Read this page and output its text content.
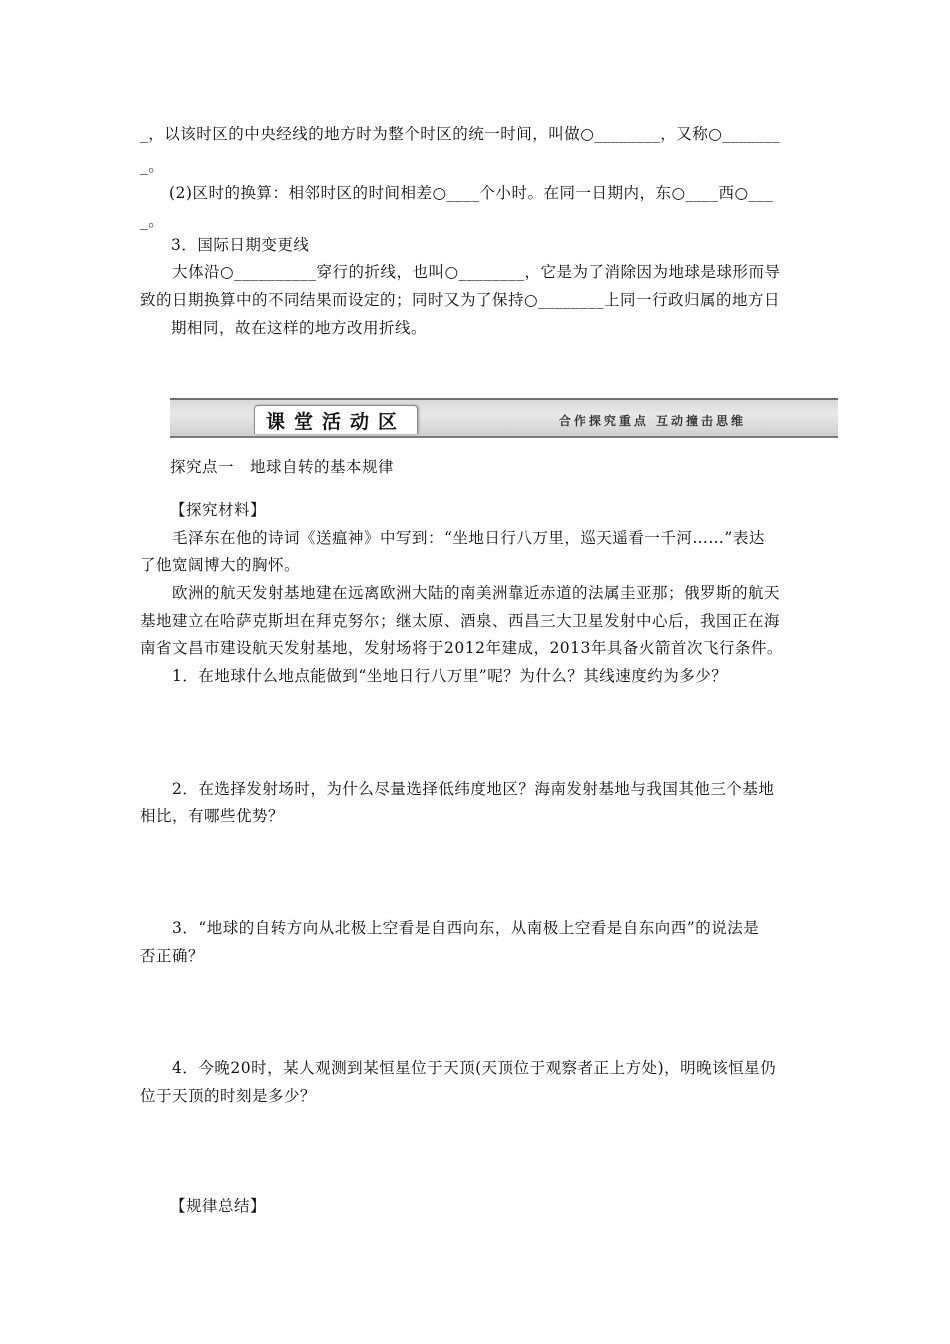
_，以该时区的中央经线的地方时为整个时区的统一时间，叫做○________，又称○_______
_。
(2)区时的换算：相邻时区的时间相差○____个小时。在同一日期内，东○____西○___
_。
3．国际日期变更线
大体沿○__________穿行的折线，也叫○________，它是为了消除因为地球是球形而导
致的日期换算中的不同结果而设定的；同时又为了保持○________上同一行政归属的地方日
期相同，故在这样的地方改用折线。
课堂活动区	合作探究重点 互动撞击思维
探究点一　地球自转的基本规律
【探究材料】
毛泽东在他的诗词《送瘟神》中写到：“坐地日行八万里，巡天遥看一千河……”表达
了他宽阔博大的胸怀。
欧洲的航天发射基地建在远离欧洲大陆的南美洲靠近赤道的法属圭亚那；俄罗斯的航天
基地建立在哈萨克斯坦在拜克努尔；继太原、酒泉、西昌三大卫星发射中心后，我国正在海
南省文昌市建设航天发射基地，发射场将于2012年建成，2013年具备火箭首次飞行条件。
1．在地球什么地点能做到“坐地日行八万里”呢？为什么？其线速度约为多少？
2．在选择发射场时，为什么尽量选择低纬度地区？海南发射基地与我国其他三个基地
相比，有哪些优势？
3．“地球的自转方向从北极上空看是自西向东，从南极上空看是自东向西”的说法是
否正确？
4．今晚20时，某人观测到某恒星位于天顶(天顶位于观察者正上方处)，明晚该恒星仍
位于天顶的时刻是多少？
【规律总结】
